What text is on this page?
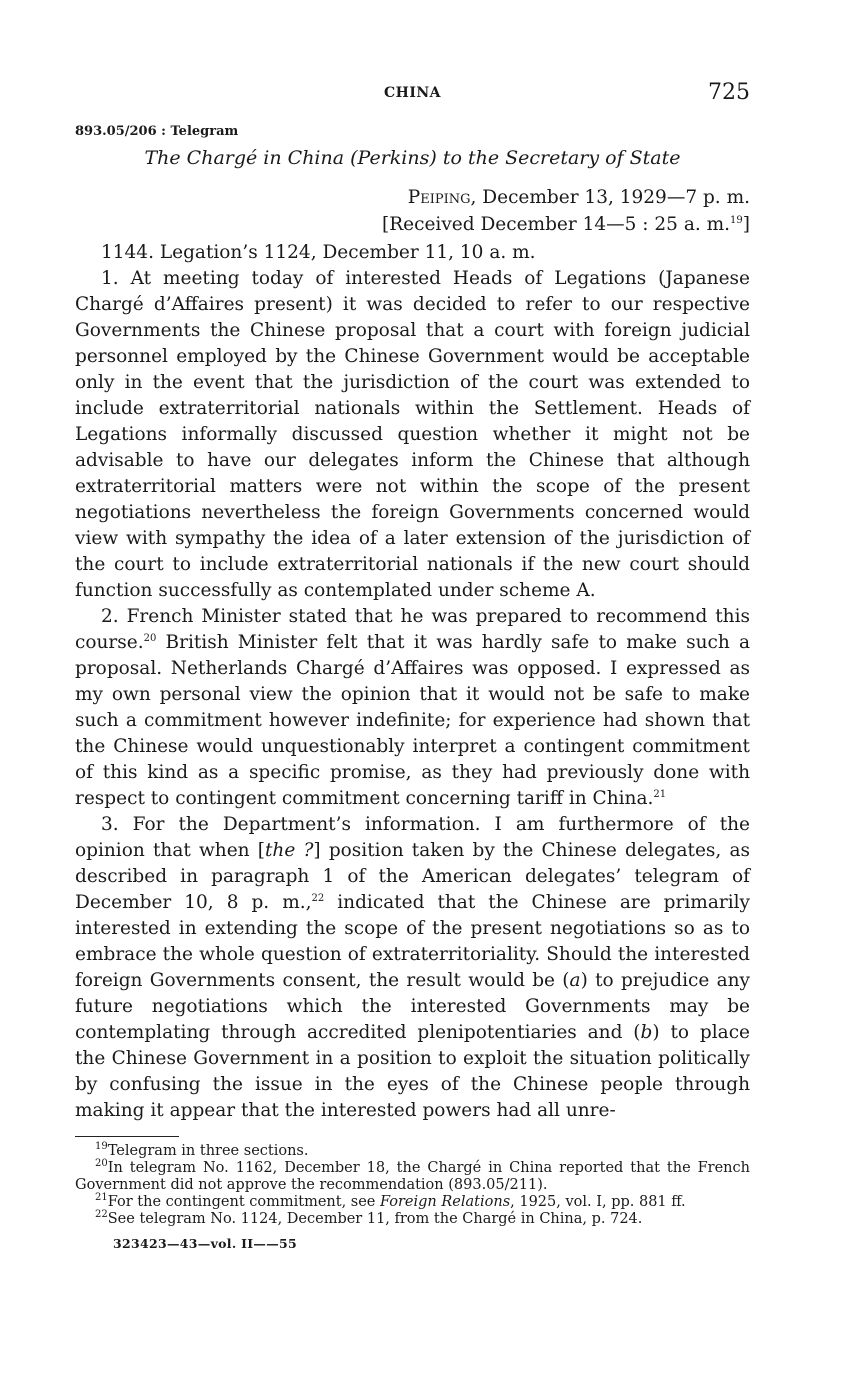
CHINA	725
893.05/206 : Telegram
The Chargé in China (Perkins) to the Secretary of State
Peiping, December 13, 1929—7 p. m.
[Received December 14—5 : 25 a. m.$^{19}$]

1144. Legation’s 1124, December 11, 10 a. m.

1. At meeting today of interested Heads of Legations (Japanese Chargé d’Affaires present) it was decided to refer to our respective Governments the Chinese proposal that a court with foreign judicial personnel employed by the Chinese Government would be acceptable only in the event that the jurisdiction of the court was extended to include extraterritorial nationals within the Settlement. Heads of Legations informally discussed question whether it might not be advisable to have our delegates inform the Chinese that although extraterritorial matters were not within the scope of the present negotiations nevertheless the foreign Governments concerned would view with sympathy the idea of a later extension of the jurisdiction of the court to include extraterritorial nationals if the new court should function successfully as contemplated under scheme A.

2. French Minister stated that he was prepared to recommend this course.$^{20}$ British Minister felt that it was hardly safe to make such a proposal. Netherlands Chargé d’Affaires was opposed. I expressed as my own personal view the opinion that it would not be safe to make such a commitment however indefinite; for experience had shown that the Chinese would unquestionably interpret a contingent commitment of this kind as a specific promise, as they had previously done with respect to contingent commitment concerning tariff in China.$^{21}$

3. For the Department’s information. I am furthermore of the opinion that when [the ?] position taken by the Chinese delegates, as described in paragraph 1 of the American delegates’ telegram of December 10, 8 p. m.,$^{22}$ indicated that the Chinese are primarily interested in extending the scope of the present negotiations so as to embrace the whole question of extraterritoriality. Should the interested foreign Governments consent, the result would be (a) to prejudice any future negotiations which the interested Governments may be contemplating through accredited plenipotentiaries and (b) to place the Chinese Government in a position to exploit the situation politically by confusing the issue in the eyes of the Chinese people through making it appear that the interested powers had all unre-

$^{19}$Telegram in three sections.

$^{20}$In telegram No. 1162, December 18, the Chargé in China reported that the French Government did not approve the recommendation (893.05/211).

$^{21}$For the contingent commitment, see Foreign Relations, 1925, vol. I, pp. 881 ff.

$^{22}$See telegram No. 1124, December 11, from the Chargé in China, p. 724.

323423—43—vol. II——55
